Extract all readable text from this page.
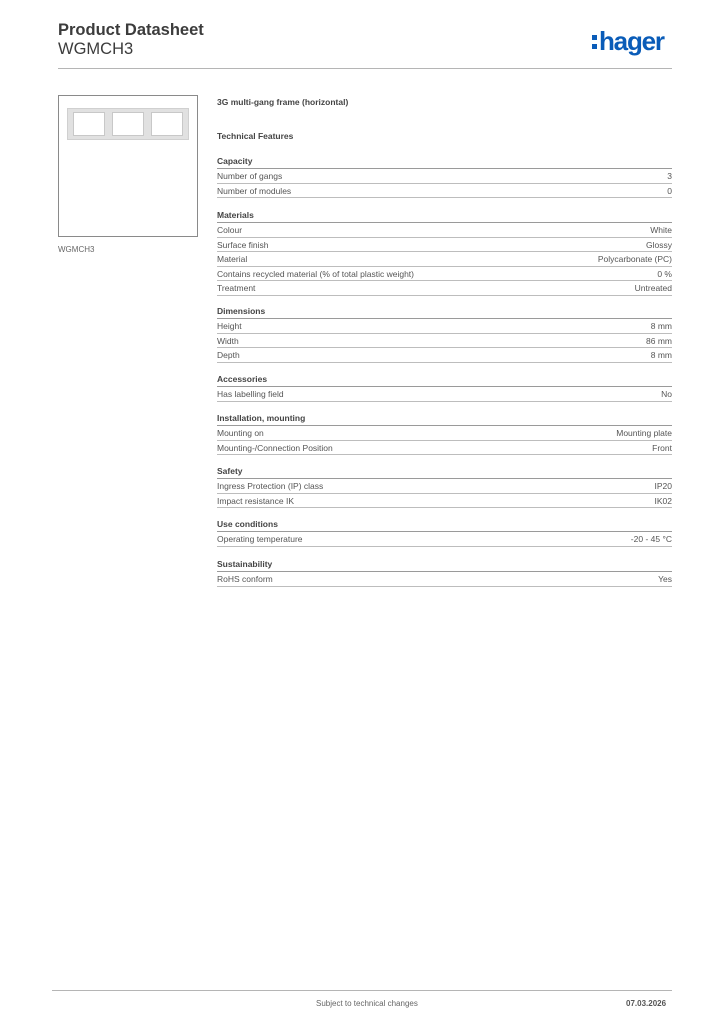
Product Datasheet
WGMCH3	hager
WGMCH3
3G multi-gang frame (horizontal)
Technical Features
Capacity
Number of gangs	3
Number of modules	0
Materials
Colour	White
Surface finish	Glossy
Material	Polycarbonate (PC)
Contains recycled material (% of total plastic weight)	0 %
Treatment	Untreated
Dimensions
Height	8 mm
Width	86 mm
Depth	8 mm
Accessories
Has labelling field	No
Installation, mounting
Mounting on	Mounting plate
Mounting-/Connection Position	Front
Safety
Ingress Protection (IP) class	IP20
Impact resistance IK	IK02
Use conditions
Operating temperature	-20 - 45 °C
Sustainability
RoHS conform	Yes
Subject to technical changes	07.03.2026
